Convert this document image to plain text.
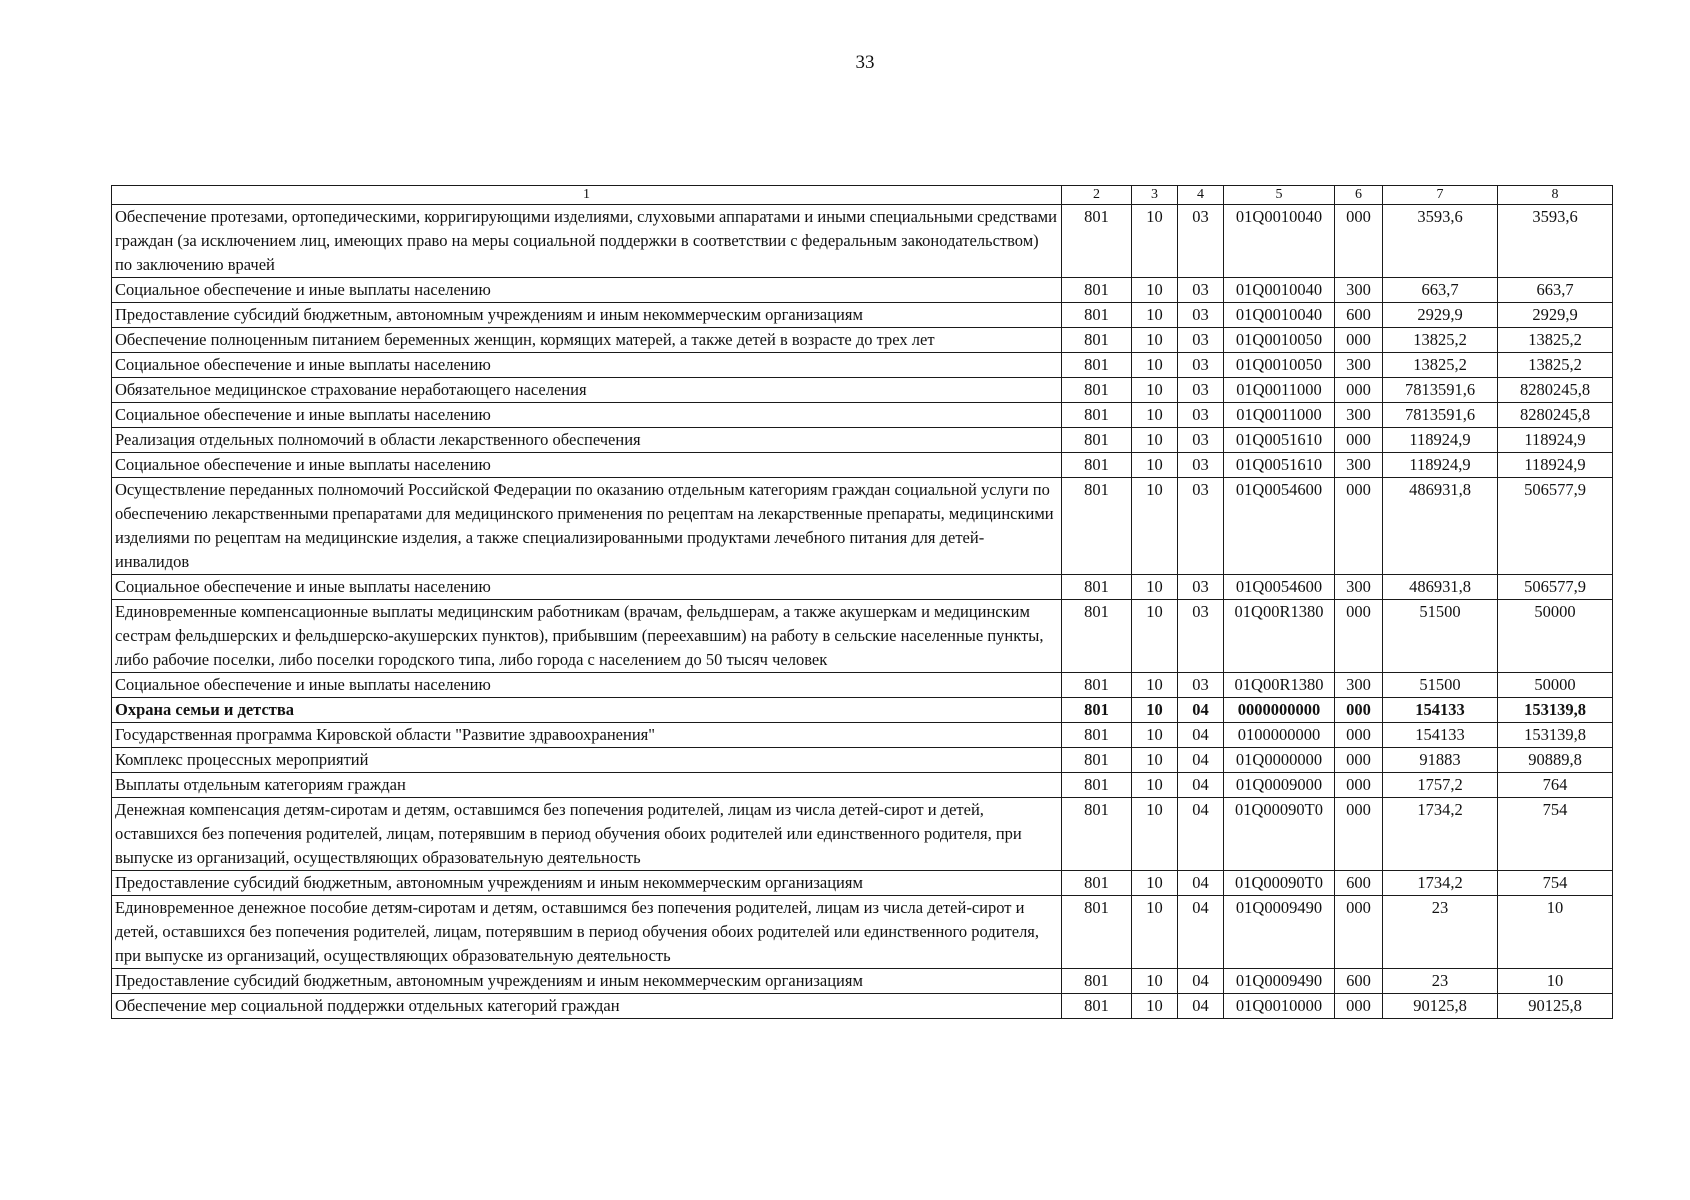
33
1	2	3	4	5	6	7	8
Обеспечение протезами, ортопедическими, корригирующими изделиями, слуховыми аппаратами и иными специальными средствами граждан (за исключением лиц, имеющих право на меры социальной поддержки в соответствии с федеральным законодательством) по заключению врачей	801	10	03	01Q0010040	000	3593,6	3593,6
Социальное обеспечение и иные выплаты населению	801	10	03	01Q0010040	300	663,7	663,7
Предоставление субсидий бюджетным, автономным учреждениям и иным некоммерческим организациям	801	10	03	01Q0010040	600	2929,9	2929,9
Обеспечение полноценным питанием беременных женщин, кормящих матерей, а также детей в возрасте до трех лет	801	10	03	01Q0010050	000	13825,2	13825,2
Социальное обеспечение и иные выплаты населению	801	10	03	01Q0010050	300	13825,2	13825,2
Обязательное медицинское страхование неработающего населения	801	10	03	01Q0011000	000	7813591,6	8280245,8
Социальное обеспечение и иные выплаты населению	801	10	03	01Q0011000	300	7813591,6	8280245,8
Реализация отдельных полномочий в области лекарственного обеспечения	801	10	03	01Q0051610	000	118924,9	118924,9
Социальное обеспечение и иные выплаты населению	801	10	03	01Q0051610	300	118924,9	118924,9
Осуществление переданных полномочий Российской Федерации по оказанию отдельным категориям граждан социальной услуги по обеспечению лекарственными препаратами для медицинского применения по рецептам на лекарственные препараты, медицинскими изделиями по рецептам на медицинские изделия, а также специализированными продуктами лечебного питания для детей-инвалидов	801	10	03	01Q0054600	000	486931,8	506577,9
Социальное обеспечение и иные выплаты населению	801	10	03	01Q0054600	300	486931,8	506577,9
Единовременные компенсационные выплаты медицинским работникам (врачам, фельдшерам, а также акушеркам и медицинским сестрам фельдшерских и фельдшерско-акушерских пунктов), прибывшим (переехавшим) на работу в сельские населенные пункты, либо рабочие поселки, либо поселки городского типа, либо города с населением до 50 тысяч человек	801	10	03	01Q00R1380	000	51500	50000
Социальное обеспечение и иные выплаты населению	801	10	03	01Q00R1380	300	51500	50000
Охрана семьи и детства	801	10	04	0000000000	000	154133	153139,8
Государственная программа Кировской области "Развитие здравоохранения"	801	10	04	0100000000	000	154133	153139,8
Комплекс процессных мероприятий	801	10	04	01Q0000000	000	91883	90889,8
Выплаты отдельным категориям граждан	801	10	04	01Q0009000	000	1757,2	764
Денежная компенсация детям-сиротам и детям, оставшимся без попечения родителей, лицам из числа детей-сирот и детей, оставшихся без попечения родителей, лицам, потерявшим в период обучения обоих родителей или единственного родителя, при выпуске из организаций, осуществляющих образовательную деятельность	801	10	04	01Q00090T0	000	1734,2	754
Предоставление субсидий бюджетным, автономным учреждениям и иным некоммерческим организациям	801	10	04	01Q00090T0	600	1734,2	754
Единовременное денежное пособие детям-сиротам и детям, оставшимся без попечения родителей, лицам из числа детей-сирот и детей, оставшихся без попечения родителей, лицам, потерявшим в период обучения обоих родителей или единственного родителя, при выпуске из организаций, осуществляющих образовательную деятельность	801	10	04	01Q0009490	000	23	10
Предоставление субсидий бюджетным, автономным учреждениям и иным некоммерческим организациям	801	10	04	01Q0009490	600	23	10
Обеспечение мер социальной поддержки отдельных категорий граждан	801	10	04	01Q0010000	000	90125,8	90125,8
